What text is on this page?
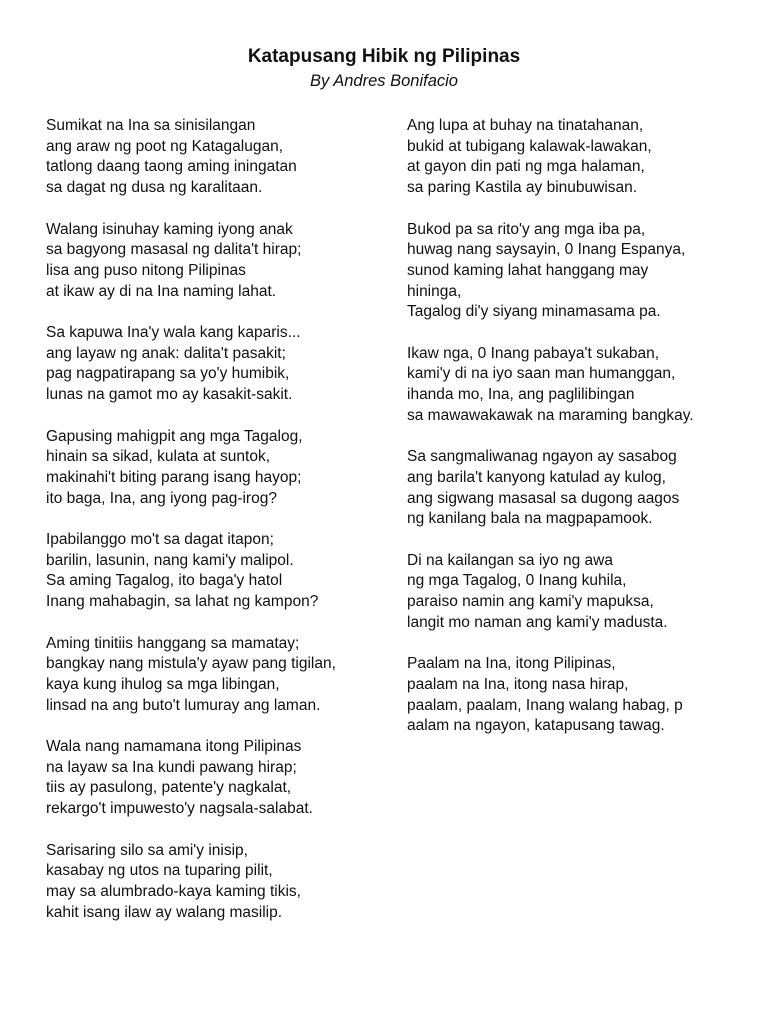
Katapusang Hibik ng Pilipinas
By Andres Bonifacio
Sumikat na Ina sa sinisilangan
ang araw ng poot ng Katagalugan,
tatlong daang taong aming iningatan
sa dagat ng dusa ng karalitaan.
Walang isinuhay kaming iyong anak
sa bagyong masasal ng dalita't hirap;
lisa ang puso nitong Pilipinas
at ikaw ay di na Ina naming lahat.
Sa kapuwa Ina'y wala kang kaparis...
ang layaw ng anak: dalita't pasakit;
pag nagpatirapang sa yo'y humibik,
lunas na gamot mo ay kasakit-sakit.
Gapusing mahigpit ang mga Tagalog,
hinain sa sikad, kulata at suntok,
makinahi't biting parang isang hayop;
ito baga, Ina, ang iyong pag-irog?
Ipabilanggo mo't sa dagat itapon;
barilin, lasunin, nang kami'y malipol.
Sa aming Tagalog, ito baga'y hatol
Inang mahabagin, sa lahat ng kampon?
Aming tinitiis hanggang sa mamatay;
bangkay nang mistula'y ayaw pang tigilan,
kaya kung ihulog sa mga libingan,
linsad na ang buto't lumuray ang laman.
Wala nang namamana itong Pilipinas
na layaw sa Ina kundi pawang hirap;
tiis ay pasulong, patente'y nagkalat,
rekargo't impuwesto'y nagsala-salabat.
Sarisaring silo sa ami'y inisip,
kasabay ng utos na tuparing pilit,
may sa alumbrado-kaya kaming tikis,
kahit isang ilaw ay walang masilip.
Ang lupa at buhay na tinatahanan,
bukid at tubigang kalawak-lawakan,
at gayon din pati ng mga halaman,
sa paring Kastila ay binubuwisan.
Bukod pa sa rito'y ang mga iba pa,
huwag nang saysayin, 0 Inang Espanya,
sunod kaming lahat hanggang may
hininga,
Tagalog di'y siyang minamasama pa.
Ikaw nga, 0 Inang pabaya't sukaban,
kami'y di na iyo saan man humanggan,
ihanda mo, Ina, ang paglilibingan
sa mawawakawak na maraming bangkay.
Sa sangmaliwanag ngayon ay sasabog
ang barila't kanyong katulad ay kulog,
ang sigwang masasal sa dugong aagos
ng kanilang bala na magpapamook.
Di na kailangan sa iyo ng awa
ng mga Tagalog, 0 Inang kuhila,
paraiso namin ang kami'y mapuksa,
langit mo naman ang kami'y madusta.
Paalam na Ina, itong Pilipinas,
paalam na Ina, itong nasa hirap,
paalam, paalam, Inang walang habag, p
aalam na ngayon, katapusang tawag.
